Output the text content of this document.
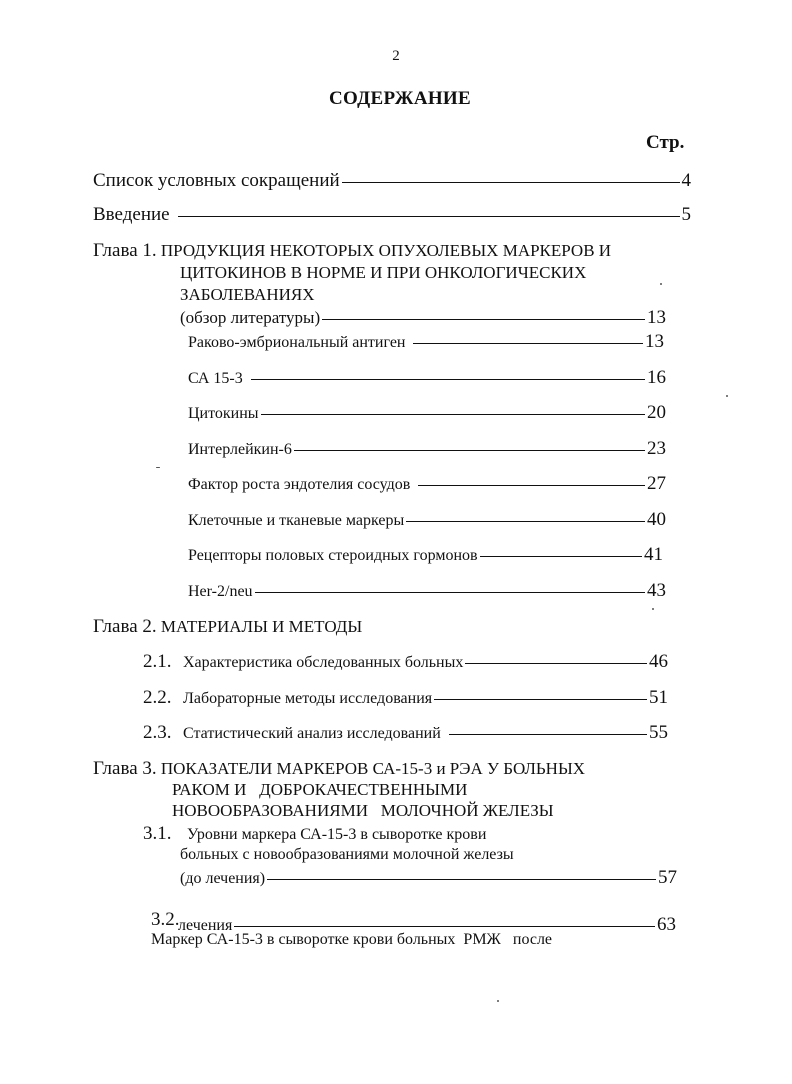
2
СОДЕРЖАНИЕ
Стр.
Список условных сокращений	4
Введение	5
Глава 1. ПРОДУКЦИЯ НЕКОТОРЫХ ОПУХОЛЕВЫХ МАРКЕРОВ И
ЦИТОКИНОВ В НОРМЕ И ПРИ ОНКОЛОГИЧЕСКИХ
ЗАБОЛЕВАНИЯХ
(обзор литературы)	13
Раково-эмбриональный антиген	13
СА 15-3	16
Цитокины	20
Интерлейкин-6	23
Фактор роста эндотелия сосудов	27
Клеточные и тканевые маркеры	40
Рецепторы половых стероидных гормонов	41
Her-2/neu	43
Глава 2. МАТЕРИАЛЫ И МЕТОДЫ
2.1. Характеристика обследованных больных	46
2.2. Лабораторные методы исследования	51
2.3. Статистический анализ исследований	55
Глава 3. ПОКАЗАТЕЛИ МАРКЕРОВ СА-15-3 и РЭА У БОЛЬНЫХ
РАКОМ И   ДОБРОКАЧЕСТВЕННЫМИ
НОВООБРАЗОВАНИЯМИ   МОЛОЧНОЙ ЖЕЛЕЗЫ
3.1. Уровни маркера СА-15-3 в сыворотке крови
больных с новообразованиями молочной железы
(до лечения)	57

3.2.
Маркер СА-15-3 в сыворотке крови больных  РМЖ   после

лечения	63
